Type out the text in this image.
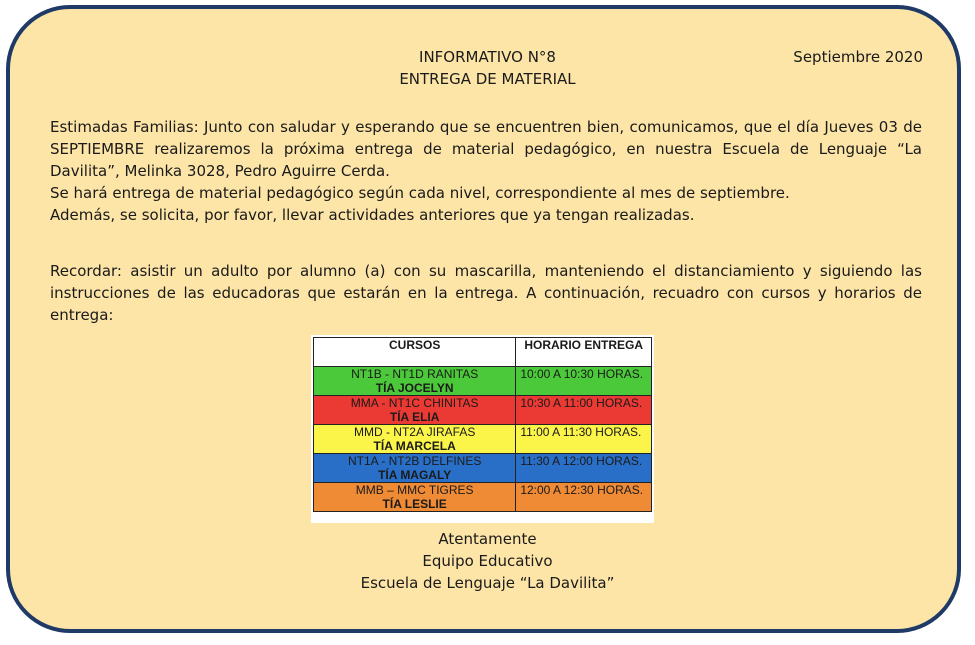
INFORMATIVO N°8
ENTREGA DE MATERIAL
Septiembre 2020
Estimadas Familias: Junto con saludar y esperando que se encuentren bien, comunicamos, que el día Jueves 03 de SEPTIEMBRE realizaremos la próxima entrega de material pedagógico, en nuestra Escuela de Lenguaje “La Davilita”, Melinka 3028, Pedro Aguirre Cerda.
Se hará entrega de material pedagógico según cada nivel, correspondiente al mes de septiembre.
Además, se solicita, por favor, llevar actividades anteriores que ya tengan realizadas.
Recordar: asistir un adulto por alumno (a) con su mascarilla, manteniendo el distanciamiento y siguiendo las instrucciones de las educadoras que estarán en la entrega. A continuación, recuadro con cursos y horarios de entrega:
CURSOS	HORARIO ENTREGA

NT1B - NT1D RANITAS
TÍA JOCELYN	10:00 A 10:30 HORAS.

MMA - NT1C CHINITAS
TÍA ELIA	10:30 A 11:00 HORAS.

MMD - NT2A JIRAFAS
TÍA MARCELA	11:00 A 11:30 HORAS.

NT1A - NT2B DELFINES
TÍA MAGALY	11:30 A 12:00 HORAS.

MMB – MMC TIGRES
TÍA LESLIE	12:00 A 12:30 HORAS.
Atentamente
Equipo Educativo
Escuela de Lenguaje “La Davilita”
